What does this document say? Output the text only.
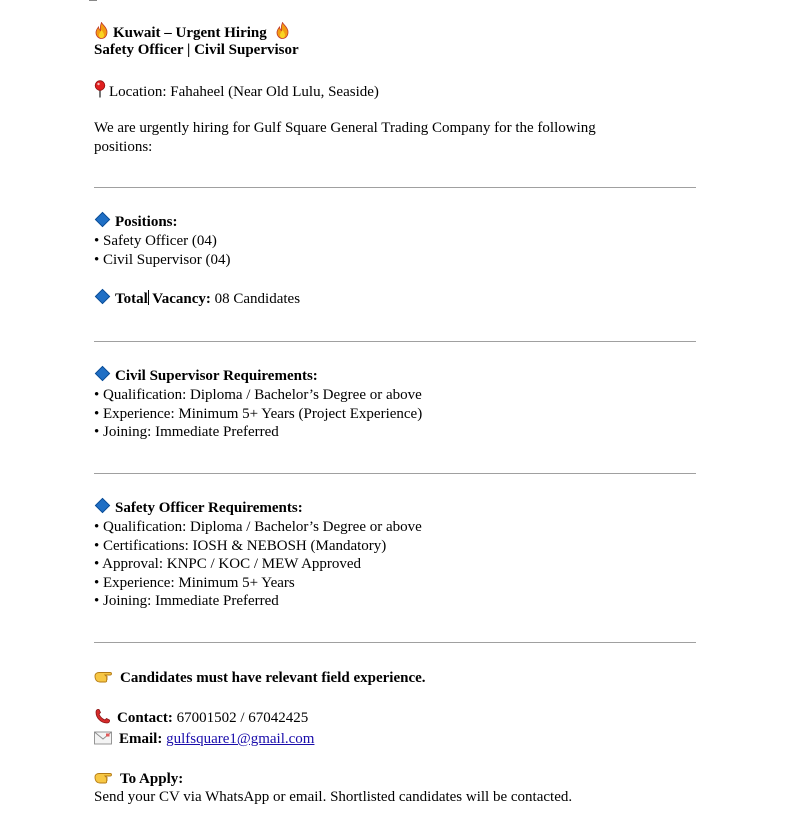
Kuwait – Urgent Hiring
Safety Officer | Civil Supervisor
Location: Fahaheel (Near Old Lulu, Seaside)
We are urgently hiring for Gulf Square General Trading Company for the following positions:
Positions:
• Safety Officer (04)
• Civil Supervisor (04)
Total Vacancy: 08 Candidates
Civil Supervisor Requirements:
• Qualification: Diploma / Bachelor’s Degree or above
• Experience: Minimum 5+ Years (Project Experience)
• Joining: Immediate Preferred
Safety Officer Requirements:
• Qualification: Diploma / Bachelor’s Degree or above
• Certifications: IOSH & NEBOSH (Mandatory)
• Approval: KNPC / KOC / MEW Approved
• Experience: Minimum 5+ Years
• Joining: Immediate Preferred
Candidates must have relevant field experience.
Contact: 67001502 / 67042425
Email: gulfsquare1@gmail.com
To Apply:
Send your CV via WhatsApp or email. Shortlisted candidates will be contacted.
